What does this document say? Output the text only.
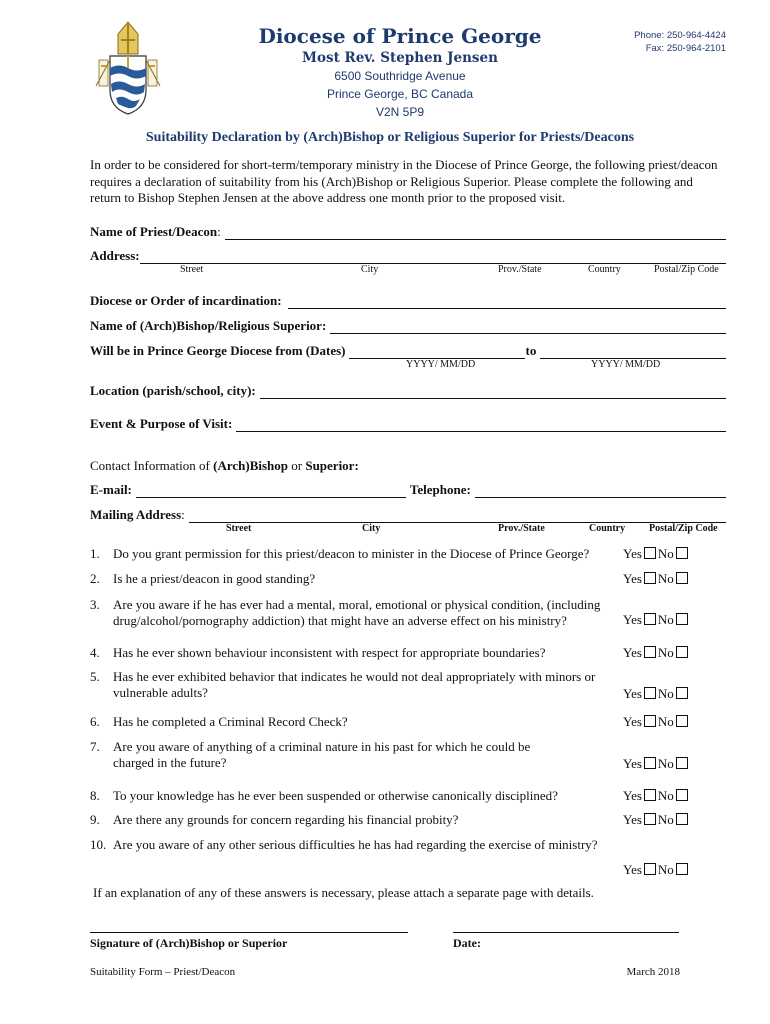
Diocese of Prince George
Most Rev. Stephen Jensen
6500 Southridge Avenue
Prince George, BC Canada
V2N 5P9
Phone: 250-964-4424
Fax: 250-964-2101
Suitability Declaration by (Arch)Bishop or Religious Superior for Priests/Deacons
In order to be considered for short-term/temporary ministry in the Diocese of Prince George, the following priest/deacon requires a declaration of suitability from his (Arch)Bishop or Religious Superior. Please complete the following and return to Bishop Stephen Jensen at the above address one month prior to the proposed visit.
Name of Priest/Deacon :
Address:
Street	City	Prov./State	Country	Postal/Zip Code
Diocese or Order of incardination:
Name of (Arch)Bishop/Religious Superior:
Will be in Prince George Diocese from (Dates)	to
YYYY/ MM/DD	YYYY/ MM/DD
Location (parish/school, city):
Event & Purpose of Visit:
Contact Information of (Arch)Bishop or Superior:
E-mail:	Telephone:
Mailing Address :
Street	City	Prov./State	Country Postal/Zip Code
1. Do you grant permission for this priest/deacon to minister in the Diocese of Prince George?	Yes No
2. Is he a priest/deacon in good standing?	Yes No
3. Are you aware if he has ever had a mental, moral, emotional or physical condition, (including
drug/alcohol/pornography addiction) that might have an adverse effect on his ministry?	Yes No
4. Has he ever shown behaviour inconsistent with respect for appropriate boundaries?	Yes No
5. Has he ever exhibited behavior that indicates he would not deal appropriately with minors or
vulnerable adults?	Yes No
6. Has he completed a Criminal Record Check?	Yes No
7. Are you aware of anything of a criminal nature in his past for which he could be
charged in the future?	Yes No
8. To your knowledge has he ever been suspended or otherwise canonically disciplined?	Yes No
9. Are there any grounds for concern regarding his financial probity?	Yes No
10. Are you aware of any other serious difficulties he has had regarding the exercise of ministry?
Yes No
If an explanation of any of these answers is necessary, please attach a separate page with details.
Signature of (Arch)Bishop or Superior	Date:
Suitability Form – Priest/Deacon	March 2018
